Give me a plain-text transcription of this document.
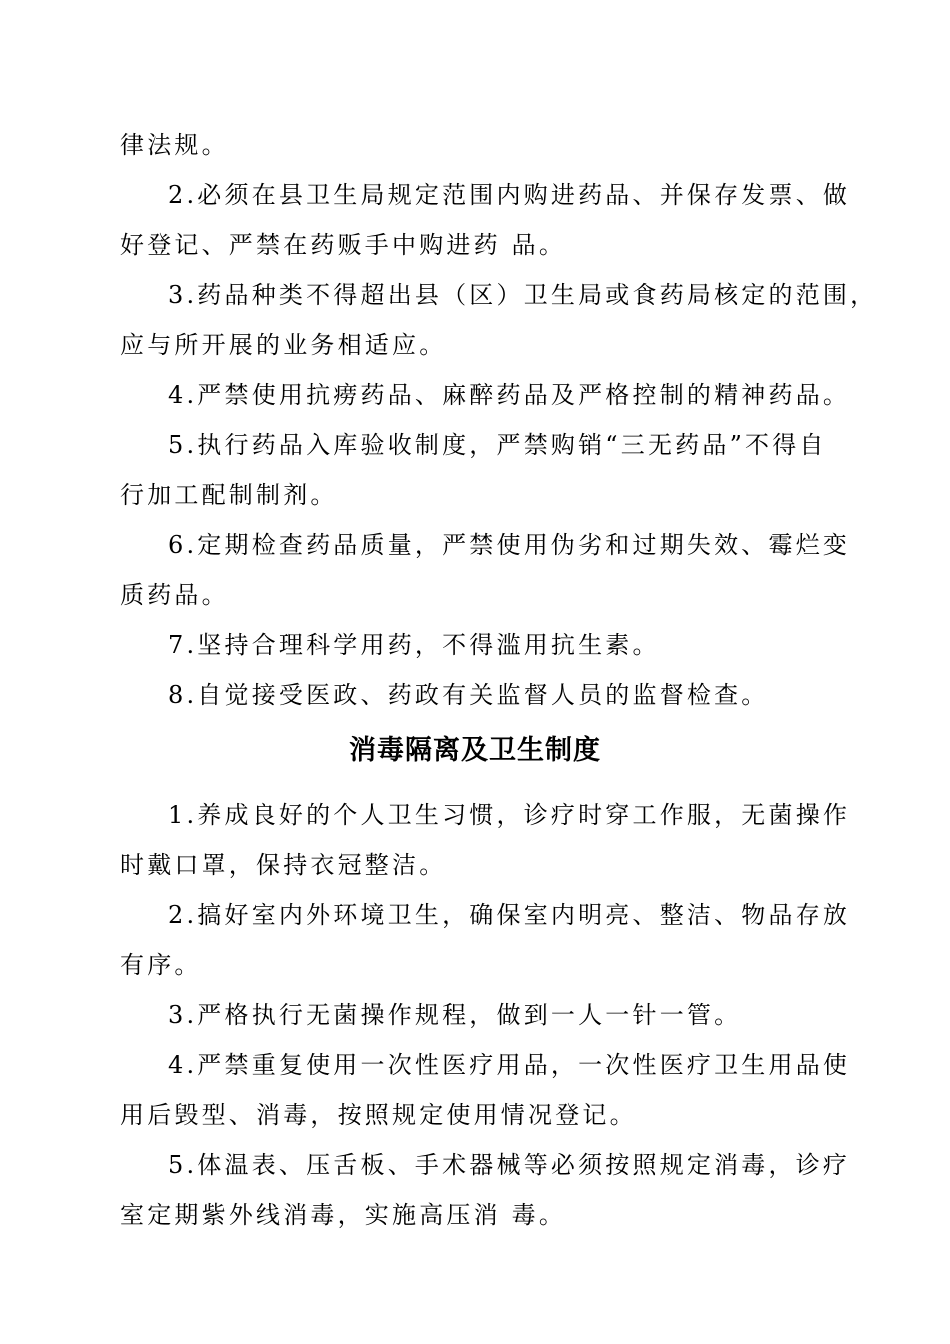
律法规。
2.必须在县卫生局规定范围内购进药品、并保存发票、做
好登记、严禁在药贩手中购进药 品。
3.药品种类不得超出县（区）卫生局或食药局核定的范围，
应与所开展的业务相适应。
4.严禁使用抗痨药品、麻醉药品及严格控制的精神药品。
5.执行药品入库验收制度，严禁购销“三无药品”不得自
行加工配制制剂。
6.定期检查药品质量，严禁使用伪劣和过期失效、霉烂变
质药品。
7.坚持合理科学用药，不得滥用抗生素。
8.自觉接受医政、药政有关监督人员的监督检查。
消毒隔离及卫生制度
1.养成良好的个人卫生习惯，诊疗时穿工作服，无菌操作
时戴口罩，保持衣冠整洁。
2.搞好室内外环境卫生，确保室内明亮、整洁、物品存放
有序。
3.严格执行无菌操作规程，做到一人一针一管。
4.严禁重复使用一次性医疗用品，一次性医疗卫生用品使
用后毁型、消毒，按照规定使用情况登记。
5.体温表、压舌板、手术器械等必须按照规定消毒，诊疗
室定期紫外线消毒，实施高压消 毒。
